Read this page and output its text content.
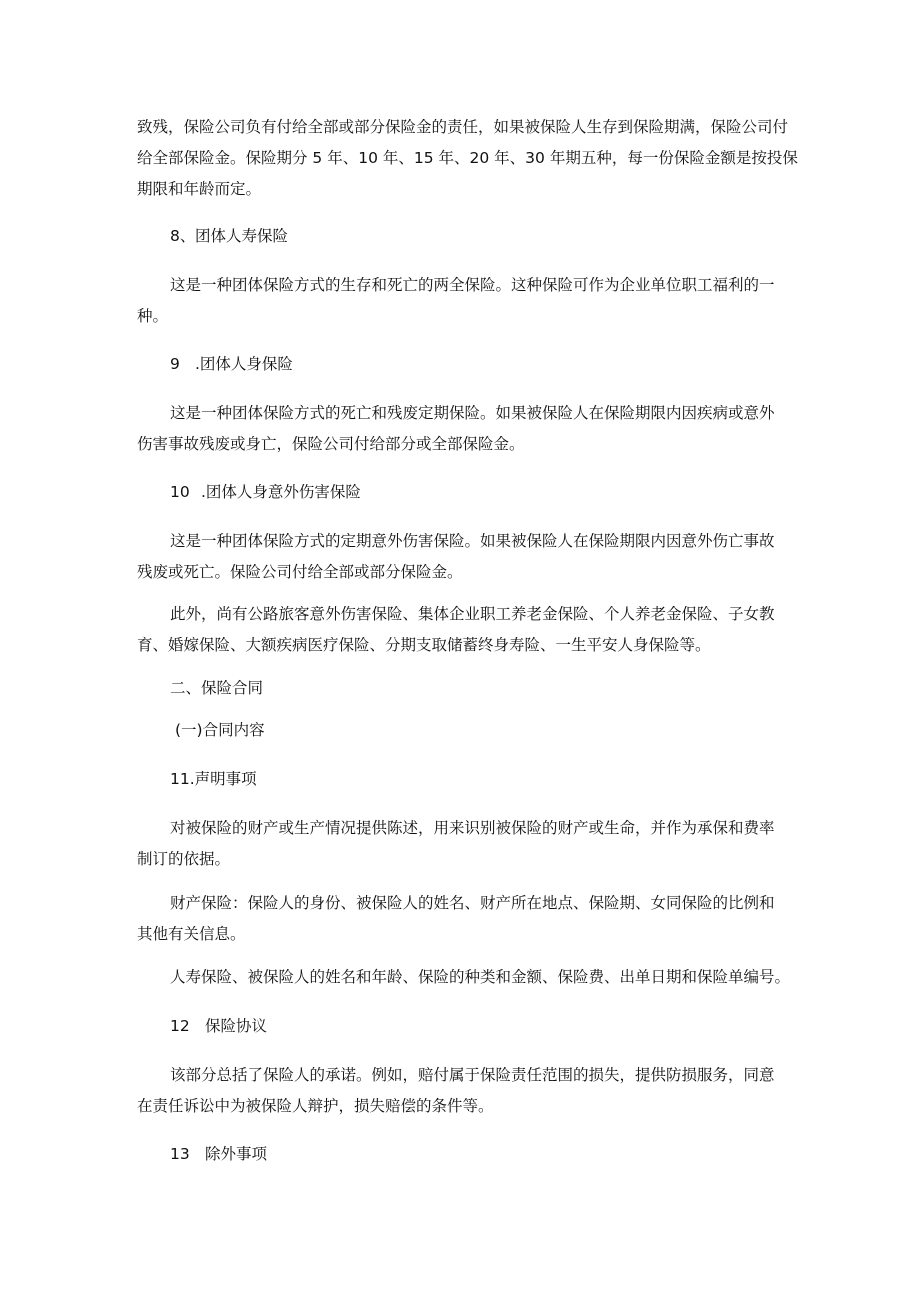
致残，保险公司负有付给全部或部分保险金的责任，如果被保险人生存到保险期满，保险公司付
给全部保险金。保险期分 5 年、10 年、15 年、20 年、30 年期五种，每一份保险金额是按投保
期限和年龄而定。
8、 团体人寿保险
这是一种团体保险方式的生存和死亡的两全保险。这种保险可作为企业单位职工福利的一
种。
9 .团体人身保险
这是一种团体保险方式的死亡和残废定期保险。如果被保险人在保险期限内因疾病或意外
伤害事故残废或身亡，保险公司付给部分或全部保险金。
10 .团体人身意外伤害保险
这是一种团体保险方式的定期意外伤害保险。如果被保险人在保险期限内因意外伤亡事故
残废或死亡。保险公司付给全部或部分保险金。
此外，尚有公路旅客意外伤害保险、集体企业职工养老金保险、个人养老金保险、子女教
育、婚嫁保险、大额疾病医疗保险、分期支取储蓄终身寿险、一生平安人身保险等。
二、保险合同
(一)合同内容
11.声明事项
对被保险的财产或生产情况提供陈述，用来识别被保险的财产或生命，并作为承保和费率
制订的依据。
财产保险：保险人的身份、被保险人的姓名、财产所在地点、保险期、女同保险的比例和
其他有关信息。
人寿保险、被保险人的姓名和年龄、保险的种类和金额、保险费、出单日期和保险单编号。
12 保险协议
该部分总括了保险人的承诺。例如，赔付属于保险责任范围的损失，提供防损服务，同意
在责任诉讼中为被保险人辩护，损失赔偿的条件等。
13 除外事项
